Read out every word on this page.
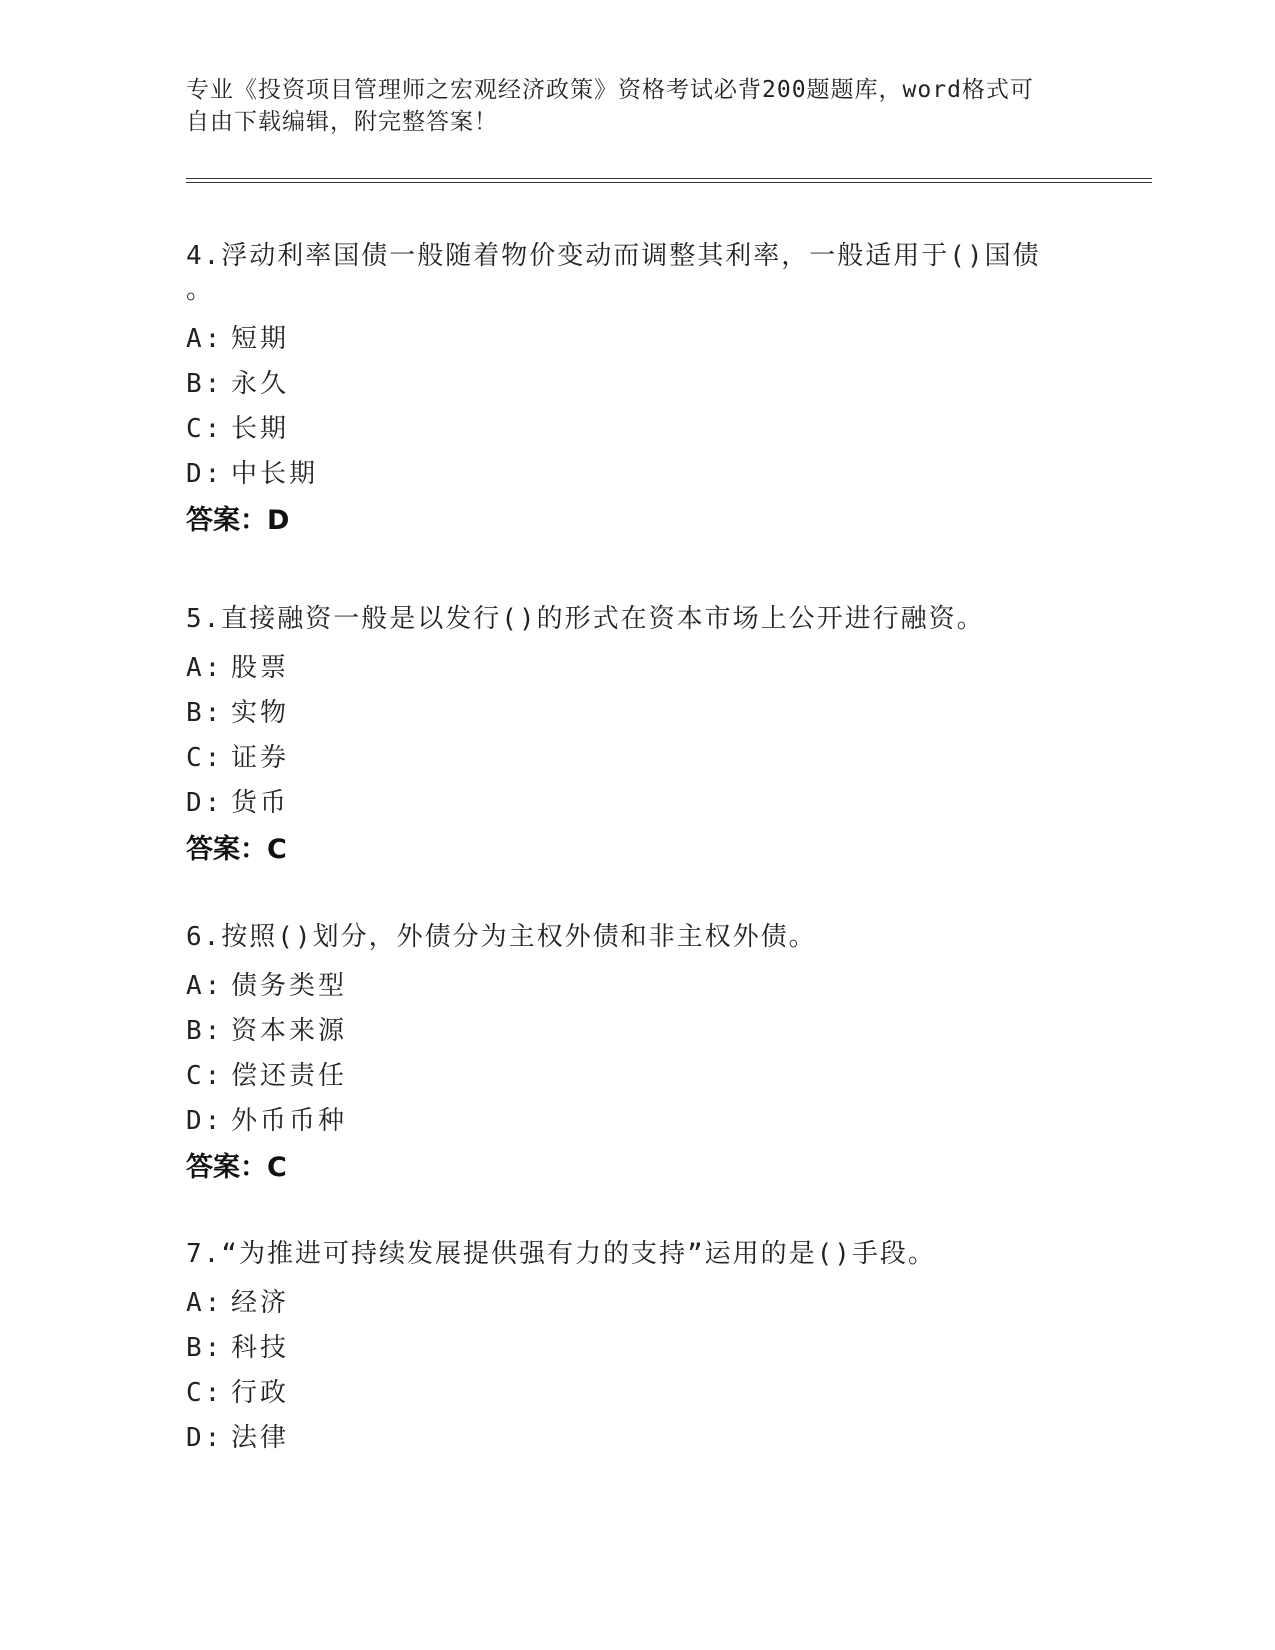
专业《投资项目管理师之宏观经济政策》资格考试必背200题题库，word格式可
自由下载编辑，附完整答案！

4.浮动利率国债一般随着物价变动而调整其利率，一般适用于()国债

。

A: 短期

B: 永久

C: 长期

D: 中长期

答案：D

5.直接融资一般是以发行()的形式在资本市场上公开进行融资。

A: 股票

B: 实物

C: 证券

D: 货币

答案：C

6.按照()划分，外债分为主权外债和非主权外债。

A: 债务类型

B: 资本来源

C: 偿还责任

D: 外币币种

答案：C

7.“为推进可持续发展提供强有力的支持”运用的是()手段。

A: 经济

B: 科技

C: 行政

D: 法律
